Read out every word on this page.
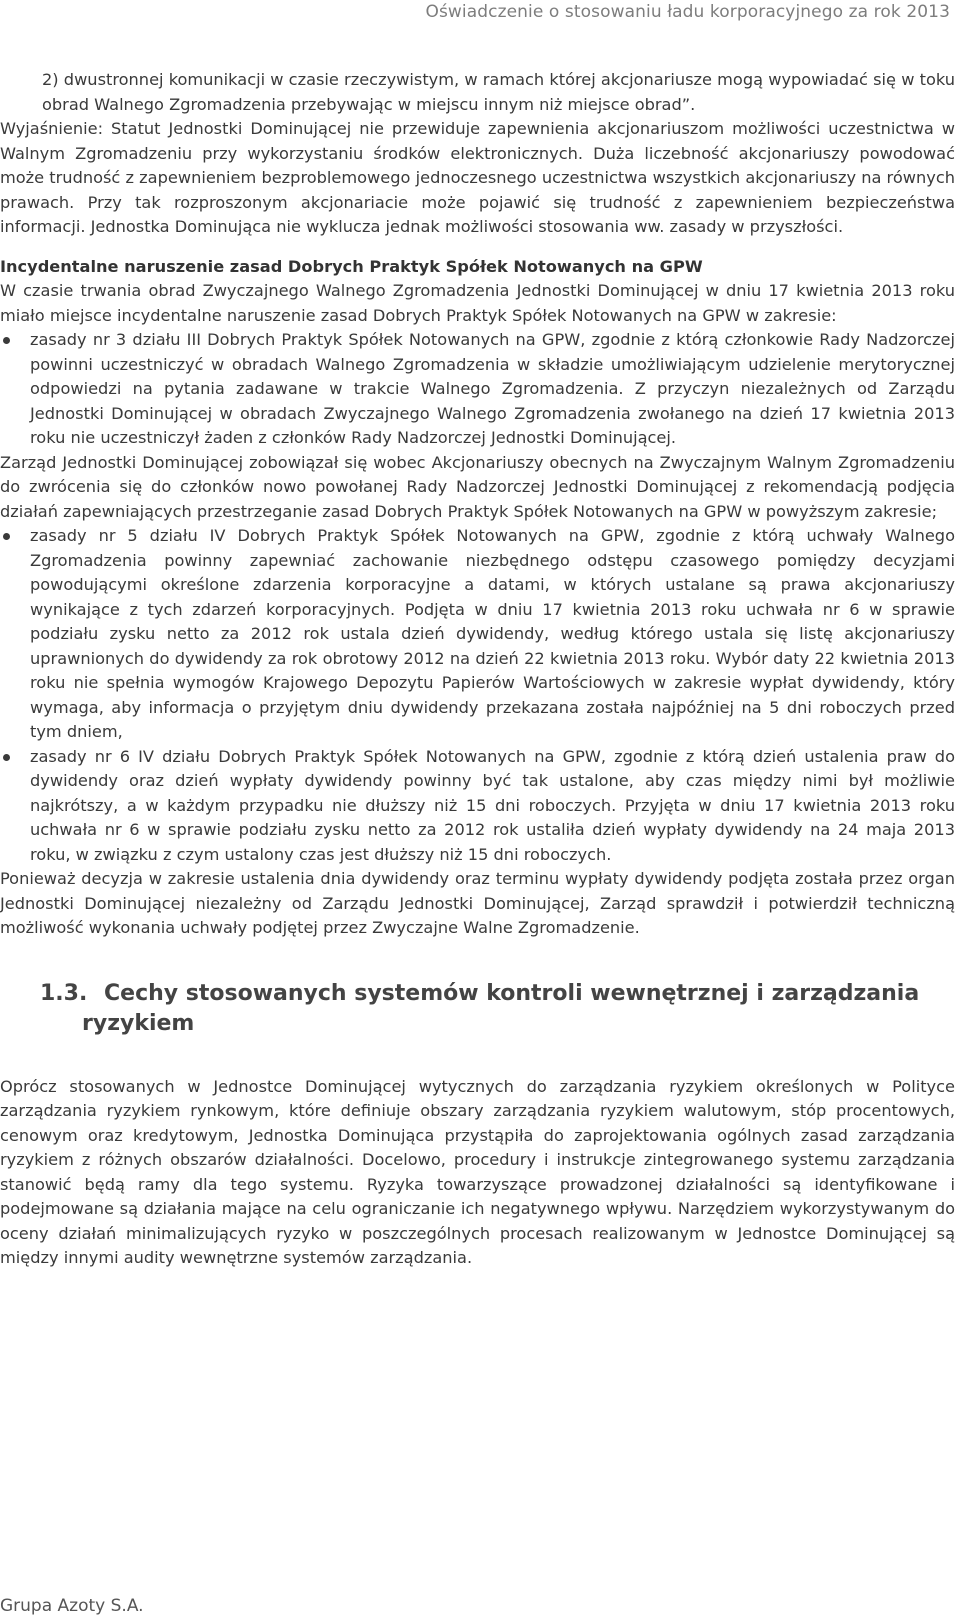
Oświadczenie o stosowaniu ładu korporacyjnego za rok 2013

2) dwustronnej komunikacji w czasie rzeczywistym, w ramach której akcjonariusze mogą wypowiadać się w toku obrad Walnego Zgromadzenia przebywając w miejscu innym niż miejsce obrad”.

Wyjaśnienie: Statut Jednostki Dominującej nie przewiduje zapewnienia akcjonariuszom możliwości uczestnictwa w Walnym Zgromadzeniu przy wykorzystaniu środków elektronicznych. Duża liczebność akcjonariuszy powodować może trudność z zapewnieniem bezproblemowego jednoczesnego uczestnictwa wszystkich akcjonariuszy na równych prawach. Przy tak rozproszonym akcjonariacie może pojawić się trudność z zapewnieniem bezpieczeństwa informacji. Jednostka Dominująca nie wyklucza jednak możliwości stosowania ww. zasady w przyszłości.

Incydentalne naruszenie zasad Dobrych Praktyk Spółek Notowanych na GPW

W czasie trwania obrad Zwyczajnego Walnego Zgromadzenia Jednostki Dominującej w dniu 17 kwietnia 2013 roku miało miejsce incydentalne naruszenie zasad Dobrych Praktyk Spółek Notowanych na GPW w zakresie:

zasady nr 3 działu III Dobrych Praktyk Spółek Notowanych na GPW, zgodnie z którą członkowie Rady Nadzorczej powinni uczestniczyć w obradach Walnego Zgromadzenia w składzie umożliwiającym udzielenie merytorycznej odpowiedzi na pytania zadawane w trakcie Walnego Zgromadzenia. Z przyczyn niezależnych od Zarządu Jednostki Dominującej w obradach Zwyczajnego Walnego Zgromadzenia zwołanego na dzień 17 kwietnia 2013 roku nie uczestniczył żaden z członków Rady Nadzorczej Jednostki Dominującej.

Zarząd Jednostki Dominującej zobowiązał się wobec Akcjonariuszy obecnych na Zwyczajnym Walnym Zgromadzeniu do zwrócenia się do członków nowo powołanej Rady Nadzorczej Jednostki Dominującej z rekomendacją podjęcia działań zapewniających przestrzeganie zasad Dobrych Praktyk Spółek Notowanych na GPW w powyższym zakresie;

zasady nr 5 działu IV Dobrych Praktyk Spółek Notowanych na GPW, zgodnie z którą uchwały Walnego Zgromadzenia powinny zapewniać zachowanie niezbędnego odstępu czasowego pomiędzy decyzjami powodującymi określone zdarzenia korporacyjne a datami, w których ustalane są prawa akcjonariuszy wynikające z tych zdarzeń korporacyjnych. Podjęta w dniu 17 kwietnia 2013 roku uchwała nr 6 w sprawie podziału zysku netto za 2012 rok ustala dzień dywidendy, według którego ustala się listę akcjonariuszy uprawnionych do dywidendy za rok obrotowy 2012 na dzień 22 kwietnia 2013 roku. Wybór daty 22 kwietnia 2013 roku nie spełnia wymogów Krajowego Depozytu Papierów Wartościowych w zakresie wypłat dywidendy, który wymaga, aby informacja o przyjętym dniu dywidendy przekazana została najpóźniej na 5 dni roboczych przed tym dniem,
zasady nr 6 IV działu Dobrych Praktyk Spółek Notowanych na GPW, zgodnie z którą dzień ustalenia praw do dywidendy oraz dzień wypłaty dywidendy powinny być tak ustalone, aby czas między nimi był możliwie najkrótszy, a w każdym przypadku nie dłuższy niż 15 dni roboczych. Przyjęta w dniu 17 kwietnia 2013 roku uchwała nr 6 w sprawie podziału zysku netto za 2012 rok ustaliła dzień wypłaty dywidendy na 24 maja 2013 roku, w związku z czym ustalony czas jest dłuższy niż 15 dni roboczych.

Ponieważ decyzja w zakresie ustalenia dnia dywidendy oraz terminu wypłaty dywidendy podjęta została przez organ Jednostki Dominującej niezależny od Zarządu Jednostki Dominującej, Zarząd sprawdził i potwierdził techniczną możliwość wykonania uchwały podjętej przez Zwyczajne Walne Zgromadzenie.

1.3. Cechy stosowanych systemów kontroli wewnętrznej i zarządzania
ryzykiem

Oprócz stosowanych w Jednostce Dominującej wytycznych do zarządzania ryzykiem określonych w Polityce zarządzania ryzykiem rynkowym, które definiuje obszary zarządzania ryzykiem walutowym, stóp procentowych, cenowym oraz kredytowym, Jednostka Dominująca przystąpiła do zaprojektowania ogólnych zasad zarządzania ryzykiem z różnych obszarów działalności. Docelowo, procedury i instrukcje zintegrowanego systemu zarządzania stanowić będą ramy dla tego systemu. Ryzyka towarzyszące prowadzonej działalności są identyfikowane i podejmowane są działania mające na celu ograniczanie ich negatywnego wpływu. Narzędziem wykorzystywanym do oceny działań minimalizujących ryzyko w poszczególnych procesach realizowanym w Jednostce Dominującej są między innymi audity wewnętrzne systemów zarządzania.

Grupa Azoty S.A.
